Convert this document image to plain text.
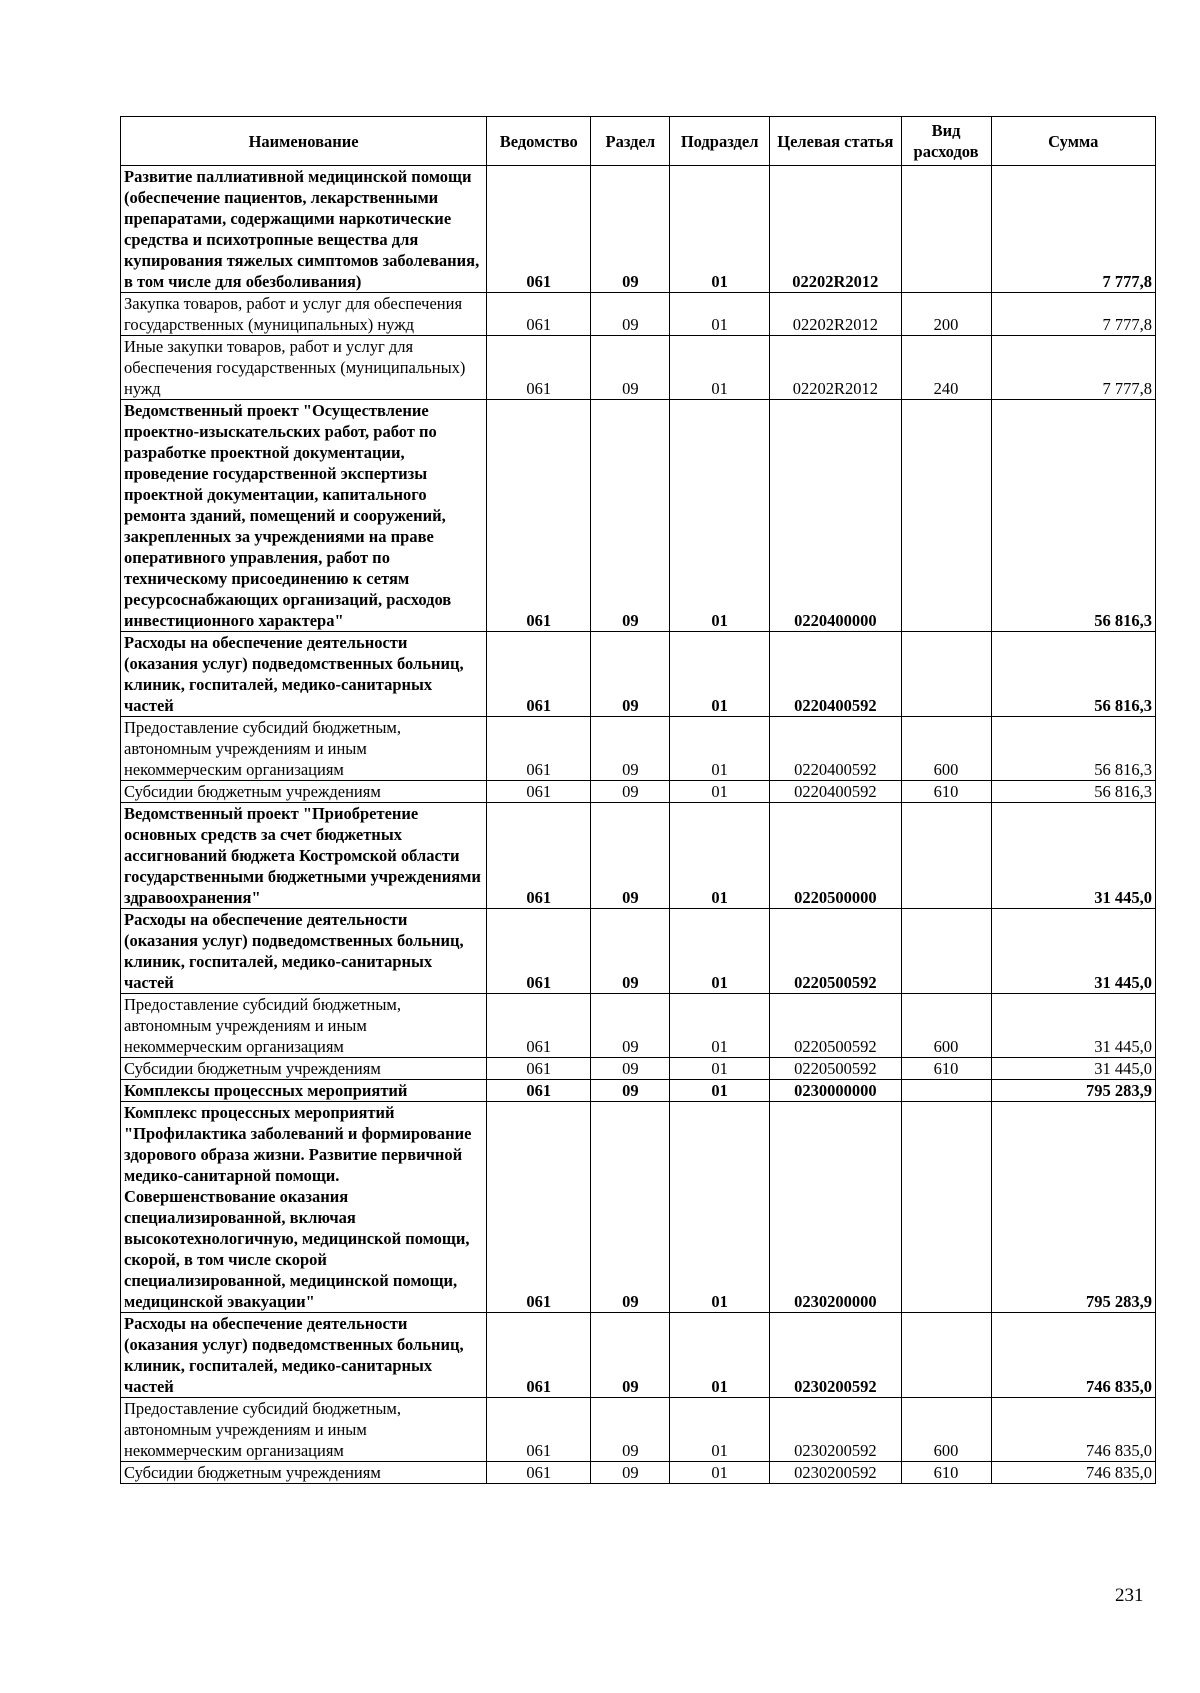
Наименование	Ведомство	Раздел	Подраздел	Целевая статья	Вид расходов	Сумма
Развитие паллиативной медицинской помощи (обеспечение пациентов, лекарственными препаратами, содержащими наркотические средства и психотропные вещества для купирования тяжелых симптомов заболевания, в том числе для обезболивания)	061	09	01	02202R2012		7 777,8
Закупка товаров, работ и услуг для обеспечения государственных (муниципальных) нужд	061	09	01	02202R2012	200	7 777,8
Иные закупки товаров, работ и услуг для обеспечения государственных (муниципальных) нужд	061	09	01	02202R2012	240	7 777,8
Ведомственный проект "Осуществление проектно-изыскательских работ, работ по разработке проектной документации, проведение государственной экспертизы проектной документации, капитального ремонта зданий, помещений и сооружений, закрепленных за учреждениями на праве оперативного управления, работ по техническому присоединению к сетям ресурсоснабжающих организаций, расходов инвестиционного характера"	061	09	01	0220400000		56 816,3
Расходы на обеспечение деятельности (оказания услуг) подведомственных больниц, клиник, госпиталей, медико-санитарных частей	061	09	01	0220400592		56 816,3
Предоставление субсидий бюджетным, автономным учреждениям и иным некоммерческим организациям	061	09	01	0220400592	600	56 816,3
Субсидии бюджетным учреждениям	061	09	01	0220400592	610	56 816,3
Ведомственный проект "Приобретение основных средств за счет бюджетных ассигнований бюджета Костромской области государственными бюджетными учреждениями здравоохранения"	061	09	01	0220500000		31 445,0
Расходы на обеспечение деятельности (оказания услуг) подведомственных больниц, клиник, госпиталей, медико-санитарных частей	061	09	01	0220500592		31 445,0
Предоставление субсидий бюджетным, автономным учреждениям и иным некоммерческим организациям	061	09	01	0220500592	600	31 445,0
Субсидии бюджетным учреждениям	061	09	01	0220500592	610	31 445,0
Комплексы процессных мероприятий	061	09	01	0230000000		795 283,9
Комплекс процессных мероприятий "Профилактика заболеваний и формирование здорового образа жизни. Развитие первичной медико-санитарной помощи. Совершенствование оказания специализированной, включая высокотехнологичную, медицинской помощи, скорой, в том числе скорой специализированной, медицинской помощи, медицинской эвакуации"	061	09	01	0230200000		795 283,9
Расходы на обеспечение деятельности (оказания услуг) подведомственных больниц, клиник, госпиталей, медико-санитарных частей	061	09	01	0230200592		746 835,0
Предоставление субсидий бюджетным, автономным учреждениям и иным некоммерческим организациям	061	09	01	0230200592	600	746 835,0
Субсидии бюджетным учреждениям	061	09	01	0230200592	610	746 835,0
231
